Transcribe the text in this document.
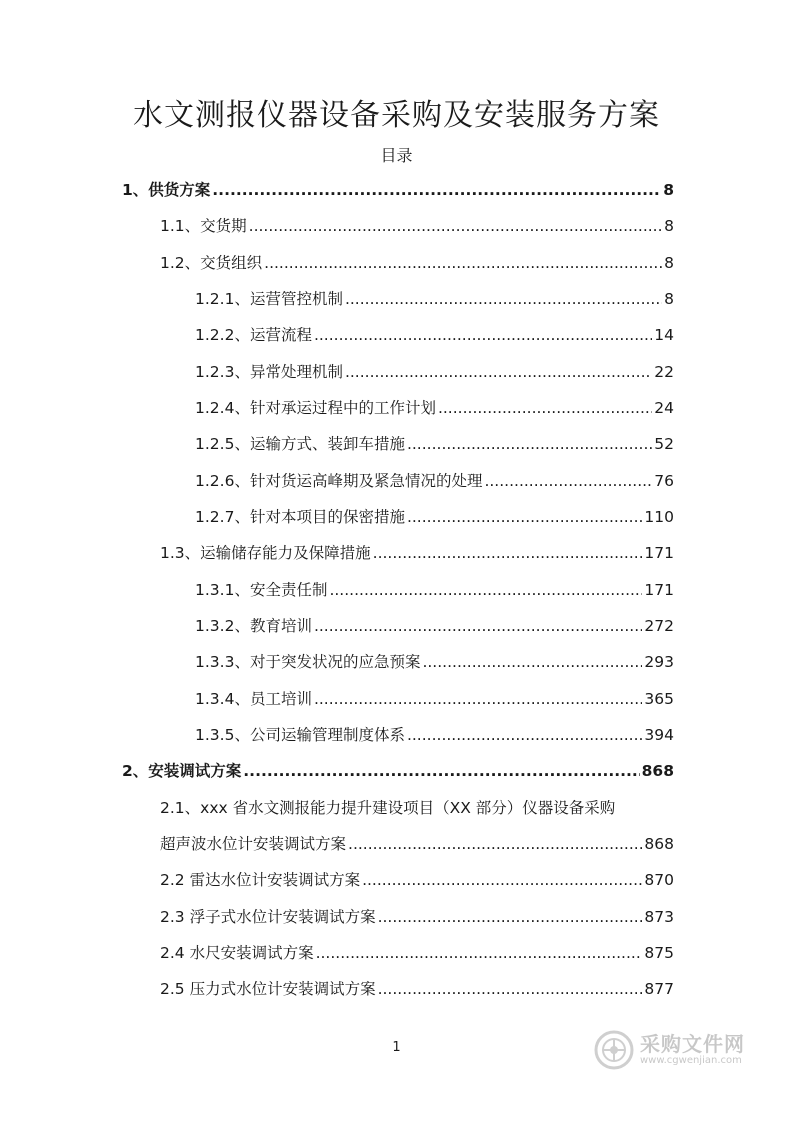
水文测报仪器设备采购及安装服务方案
目录
1、供货方案 .....	8
1.1、交货期 .....	8
1.2、交货组织 .....	8
1.2.1、运营管控机制 .....	8
1.2.2、运营流程 .....	14
1.2.3、异常处理机制 .....	22
1.2.4、针对承运过程中的工作计划 .....	24
1.2.5、运输方式、装卸车措施 .....	52
1.2.6、针对货运高峰期及紧急情况的处理 .....	76
1.2.7、针对本项目的保密措施 .....	110
1.3、运输储存能力及保障措施 .....	171
1.3.1、安全责任制 .....	171
1.3.2、教育培训 .....	272
1.3.3、对于突发状况的应急预案 .....	293
1.3.4、员工培训 .....	365
1.3.5、公司运输管理制度体系 .....	394
2、安装调试方案 .....	868
2.1、xxx 省水文测报能力提升建设项目（XX 部分）仪器设备采购
超声波水位计安装调试方案 .....	868
2.2 雷达水位计安装调试方案 .....	870
2.3 浮子式水位计安装调试方案 .....	873
2.4 水尺安装调试方案 .....	875
2.5 压力式水位计安装调试方案 .....	877
1	采购文件网
www.cgwenjian.com
